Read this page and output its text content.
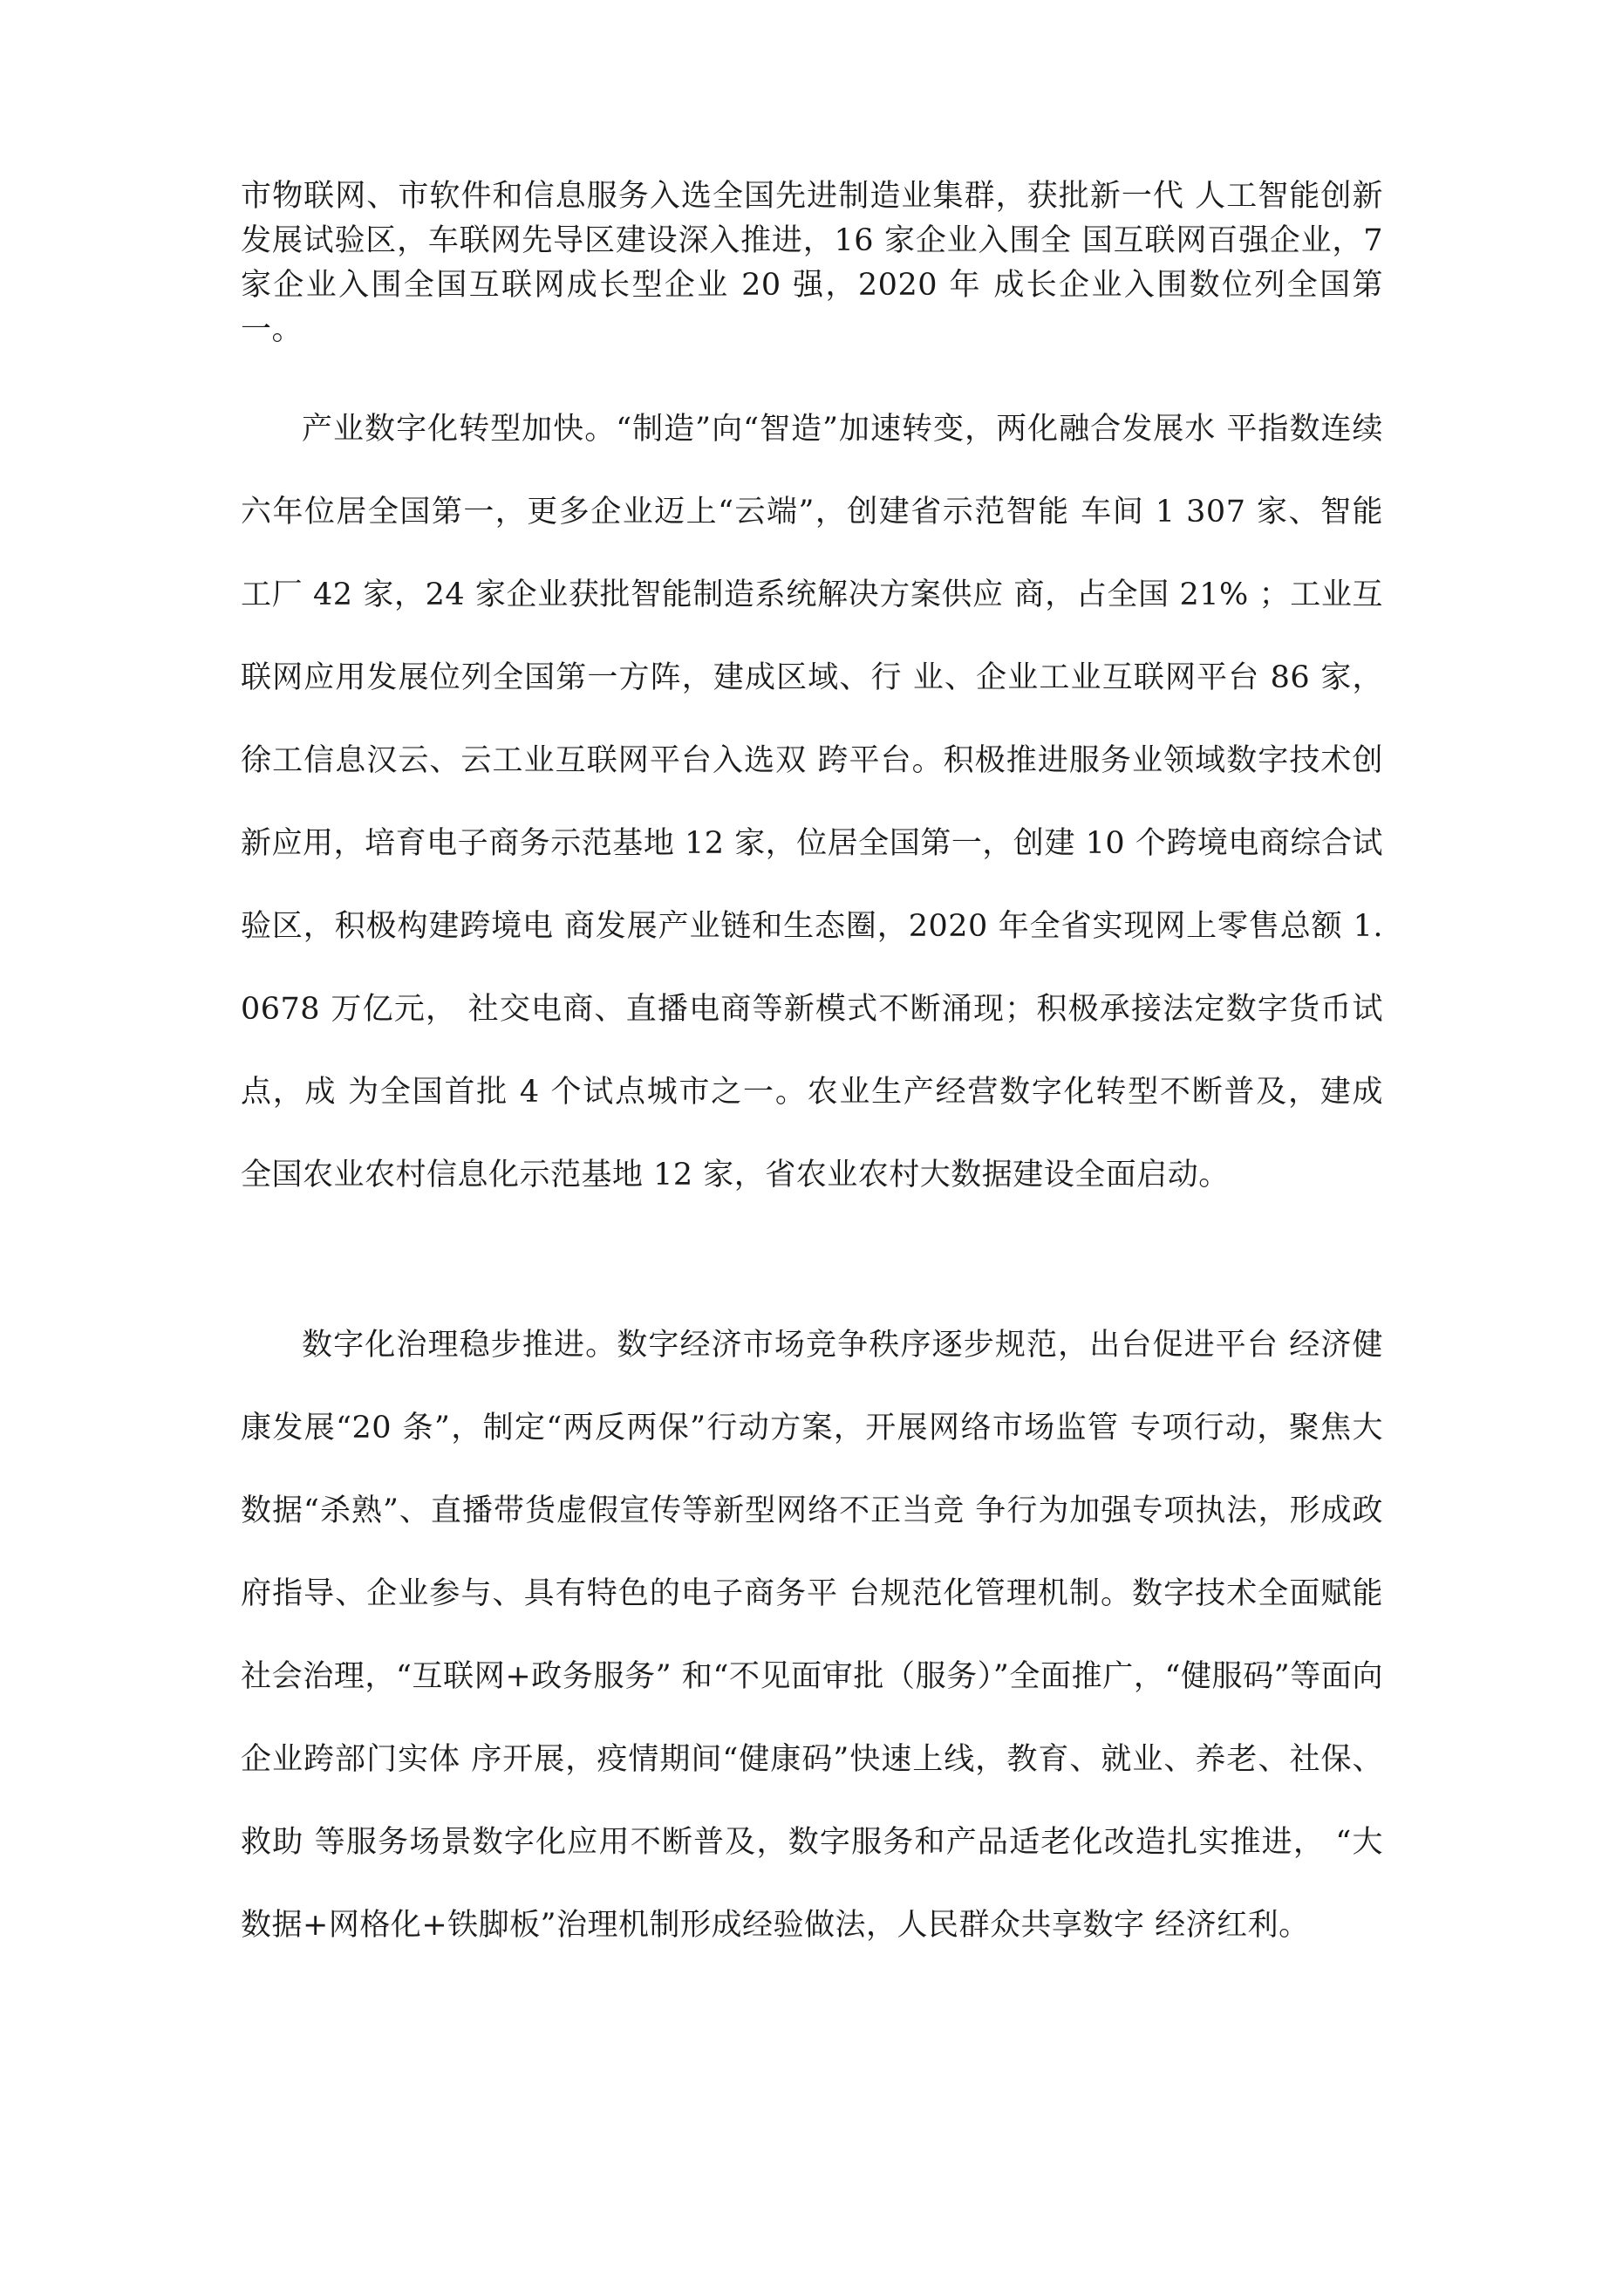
市物联网、市软件和信息服务入选全国先进制造业集群，获批新一代 人工智能创新发展试验区，车联网先导区建设深入推进，16 家企业入围全 国互联网百强企业，7 家企业入围全国互联网成长型企业 20 强，2020 年 成长企业入围数位列全国第一。

产业数字化转型加快。“制造”向“智造”加速转变，两化融合发展水 平指数连续六年位居全国第一，更多企业迈上“云端”，创建省示范智能 车间 1 307 家、智能工厂 42 家，24 家企业获批智能制造系统解决方案供应 商，占全国 21% ；工业互联网应用发展位列全国第一方阵，建成区域、行 业、企业工业互联网平台 86 家，徐工信息汉云、云工业互联网平台入选双 跨平台。积极推进服务业领域数字技术创新应用，培育电子商务示范基地 12 家，位居全国第一，创建 10 个跨境电商综合试验区，积极构建跨境电 商发展产业链和生态圈，2020 年全省实现网上零售总额 1. 0678 万亿元， 社交电商、直播电商等新模式不断涌现；积极承接法定数字货币试点，成 为全国首批 4 个试点城市之一。农业生产经营数字化转型不断普及，建成 全国农业农村信息化示范基地 12 家，省农业农村大数据建设全面启动。

数字化治理稳步推进。数字经济市场竞争秩序逐步规范，出台促进平台 经济健康发展“20 条”，制定“两反两保”行动方案，开展网络市场监管 专项行动，聚焦大数据“杀熟”、直播带货虚假宣传等新型网络不正当竞 争行为加强专项执法，形成政府指导、企业参与、具有特色的电子商务平 台规范化管理机制。数字技术全面赋能社会治理，“互联网+政务服务” 和“不见面审批（服务）”全面推广，“健服码”等面向企业跨部门实体 序开展，疫情期间“健康码”快速上线，教育、就业、养老、社保、救助 等服务场景数字化应用不断普及，数字服务和产品适老化改造扎实推进， “大数据+网格化+铁脚板”治理机制形成经验做法，人民群众共享数字 经济红利。
